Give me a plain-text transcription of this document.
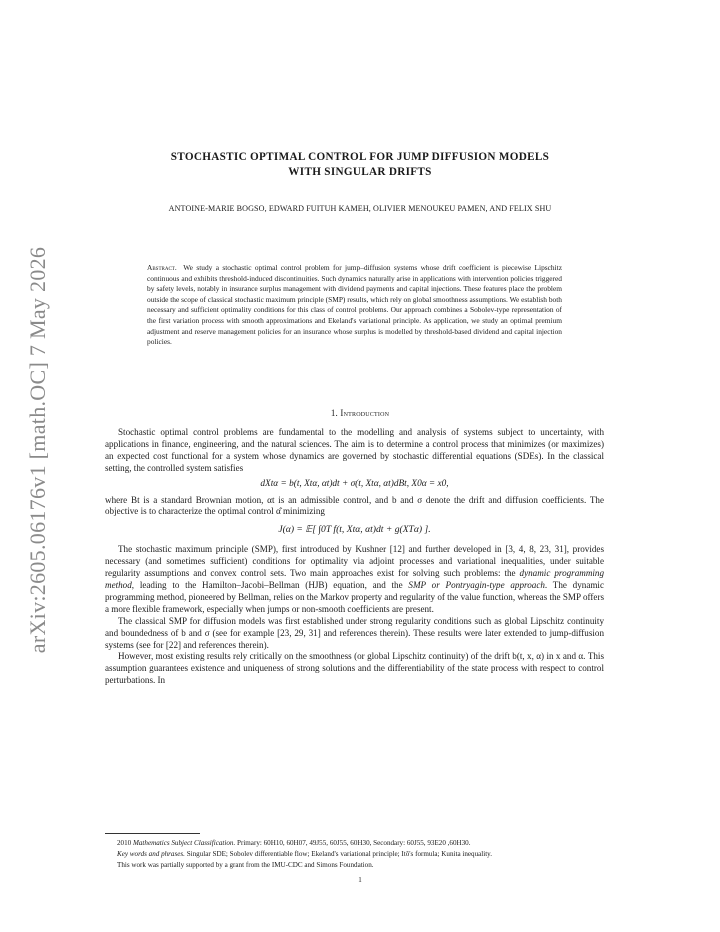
arXiv:2605.06176v1 [math.OC] 7 May 2026
STOCHASTIC OPTIMAL CONTROL FOR JUMP DIFFUSION MODELS
WITH SINGULAR DRIFTS
ANTOINE-MARIE BOGSO, EDWARD FUITUH KAMEH, OLIVIER MENOUKEU PAMEN, AND FELIX SHU
Abstract. We study a stochastic optimal control problem for jump–diffusion systems whose drift coefficient is piecewise Lipschitz continuous and exhibits threshold-induced discontinuities. Such dynamics naturally arise in applications with intervention policies triggered by safety levels, notably in insurance surplus management with dividend payments and capital injections. These features place the problem outside the scope of classical stochastic maximum principle (SMP) results, which rely on global smoothness assumptions. We establish both necessary and sufficient optimality conditions for this class of control problems. Our approach combines a Sobolev-type representation of the first variation process with smooth approximations and Ekeland's variational principle. As application, we study an optimal premium adjustment and reserve management policies for an insurance whose surplus is modelled by threshold-based dividend and capital injection policies.
1. Introduction

Stochastic optimal control problems are fundamental to the modelling and analysis of systems subject to uncertainty, with applications in finance, engineering, and the natural sciences. The aim is to determine a control process that minimizes (or maximizes) an expected cost functional for a system whose dynamics are governed by stochastic differential equations (SDEs). In the classical setting, the controlled system satisfies

dXtα = b(t, Xtα, αt)dt + σ(t, Xtα, αt)dBt, X0α = x0,

where Bt is a standard Brownian motion, αt is an admissible control, and b and σ denote the drift and diffusion coefficients. The objective is to characterize the optimal control α̂ minimizing

J(α) = 𝔼[ ∫0T f(t, Xtα, αt)dt + g(XTα) ].

The stochastic maximum principle (SMP), first introduced by Kushner [12] and further developed in [3, 4, 8, 23, 31], provides necessary (and sometimes sufficient) conditions for optimality via adjoint processes and variational inequalities, under suitable regularity assumptions and convex control sets. Two main approaches exist for solving such problems: the dynamic programming method, leading to the Hamilton–Jacobi–Bellman (HJB) equation, and the SMP or Pontryagin-type approach. The dynamic programming method, pioneered by Bellman, relies on the Markov property and regularity of the value function, whereas the SMP offers a more flexible framework, especially when jumps or non-smooth coefficients are present.

The classical SMP for diffusion models was first established under strong regularity conditions such as global Lipschitz continuity and boundedness of b and σ (see for example [23, 29, 31] and references therein). These results were later extended to jump-diffusion systems (see for [22] and references therein).

However, most existing results rely critically on the smoothness (or global Lipschitz continuity) of the drift b(t, x, α) in x and α. This assumption guarantees existence and uniqueness of strong solutions and the differentiability of the state process with respect to control perturbations. In

2010 Mathematics Subject Classification. Primary: 60H10, 60H07, 49J55, 60J55, 60H30, Secondary: 60J55, 93E20 ,60H30.

Key words and phrases. Singular SDE; Sobolev differentiable flow; Ekeland's variational principle; Itô's formula; Kunita inequality.

This work was partially supported by a grant from the IMU-CDC and Simons Foundation.

1
